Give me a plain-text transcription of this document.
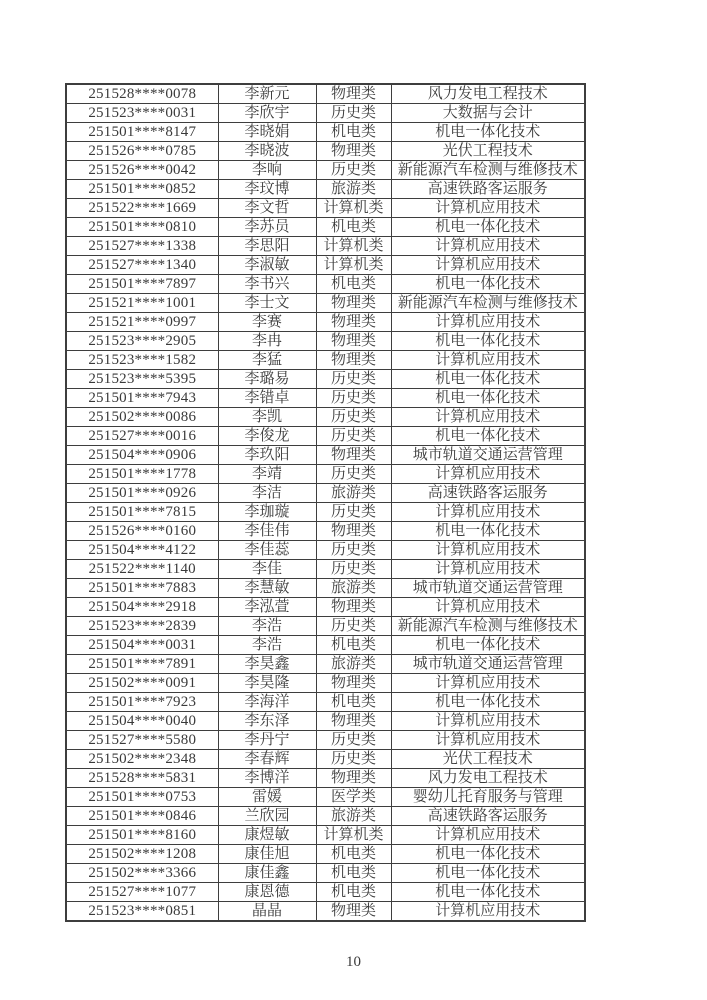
251528****0078	李新元	物理类	风力发电工程技术
251523****0031	李欣宇	历史类	大数据与会计
251501****8147	李晓娟	机电类	机电一体化技术
251526****0785	李晓波	物理类	光伏工程技术
251526****0042	李响	历史类	新能源汽车检测与维修技术
251501****0852	李玟博	旅游类	高速铁路客运服务
251522****1669	李文哲	计算机类	计算机应用技术
251501****0810	李苏员	机电类	机电一体化技术
251527****1338	李思阳	计算机类	计算机应用技术
251527****1340	李淑敏	计算机类	计算机应用技术
251501****7897	李书兴	机电类	机电一体化技术
251521****1001	李士文	物理类	新能源汽车检测与维修技术
251521****0997	李赛	物理类	计算机应用技术
251523****2905	李冉	物理类	机电一体化技术
251523****1582	李猛	物理类	计算机应用技术
251523****5395	李璐易	历史类	机电一体化技术
251501****7943	李错卓	历史类	机电一体化技术
251502****0086	李凯	历史类	计算机应用技术
251527****0016	李俊龙	历史类	机电一体化技术
251504****0906	李玖阳	物理类	城市轨道交通运营管理
251501****1778	李靖	历史类	计算机应用技术
251501****0926	李洁	旅游类	高速铁路客运服务
251501****7815	李珈璇	历史类	计算机应用技术
251526****0160	李佳伟	物理类	机电一体化技术
251504****4122	李佳蕊	历史类	计算机应用技术
251522****1140	李佳	历史类	计算机应用技术
251501****7883	李慧敏	旅游类	城市轨道交通运营管理
251504****2918	李泓萱	物理类	计算机应用技术
251523****2839	李浩	历史类	新能源汽车检测与维修技术
251504****0031	李浩	机电类	机电一体化技术
251501****7891	李昊鑫	旅游类	城市轨道交通运营管理
251502****0091	李昊隆	物理类	计算机应用技术
251501****7923	李海洋	机电类	机电一体化技术
251504****0040	李东泽	物理类	计算机应用技术
251527****5580	李丹宁	历史类	计算机应用技术
251502****2348	李春辉	历史类	光伏工程技术
251528****5831	李博洋	物理类	风力发电工程技术
251501****0753	雷媛	医学类	婴幼儿托育服务与管理
251501****0846	兰欣园	旅游类	高速铁路客运服务
251501****8160	康煜敏	计算机类	计算机应用技术
251502****1208	康佳旭	机电类	机电一体化技术
251502****3366	康佳鑫	机电类	机电一体化技术
251527****1077	康恩德	机电类	机电一体化技术
251523****0851	晶晶	物理类	计算机应用技术
10
